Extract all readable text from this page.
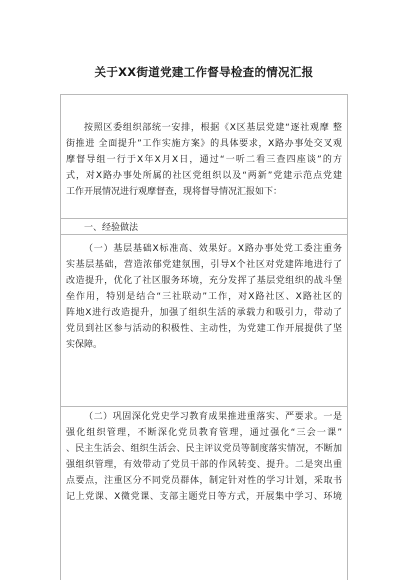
关于XX街道党建工作督导检查的情况汇报
按照区委组织部统一安排，根据《X区基层党建“逐社观摩 整
街推进 全面提升”工作实施方案》的具体要求，X路办事处交叉观
摩督导组一行于X年X月X日，通过“一听二看三查四座谈”的方
式，对X路办事处所属的社区党组织以及“两新”党建示范点党建
工作开展情况进行观摩督查，现将督导情况汇报如下：
一、经验做法
（一）基层基础X标准高、效果好。X路办事处党工委注重务
实基层基础，营造浓郁党建氛围，引导X个社区对党建阵地进行了
改造提升，优化了社区服务环境，充分发挥了基层党组织的战斗堡
垒作用，特别是结合“三社联动”工作，对X路社区、X路社区的
阵地X进行改造提升，加强了组织生活的承载力和吸引力，带动了
党员到社区参与活动的积极性、主动性，为党建工作开展提供了坚
实保障。
（二）巩固深化党史学习教育成果推进重落实、严要求。一是
强化组织管理，不断深化党员教育管理，通过强化“三会一课”
、民主生活会、组织生活会、民主评议党员等制度落实情况，不断加
强组织管理，有效带动了党员干部的作风转变、提升。二是突出重
点要点，注重区分不同党员群体，制定针对性的学习计划，采取书
记上党课、X微党课、支部主题党日等方式，开展集中学习、环境
